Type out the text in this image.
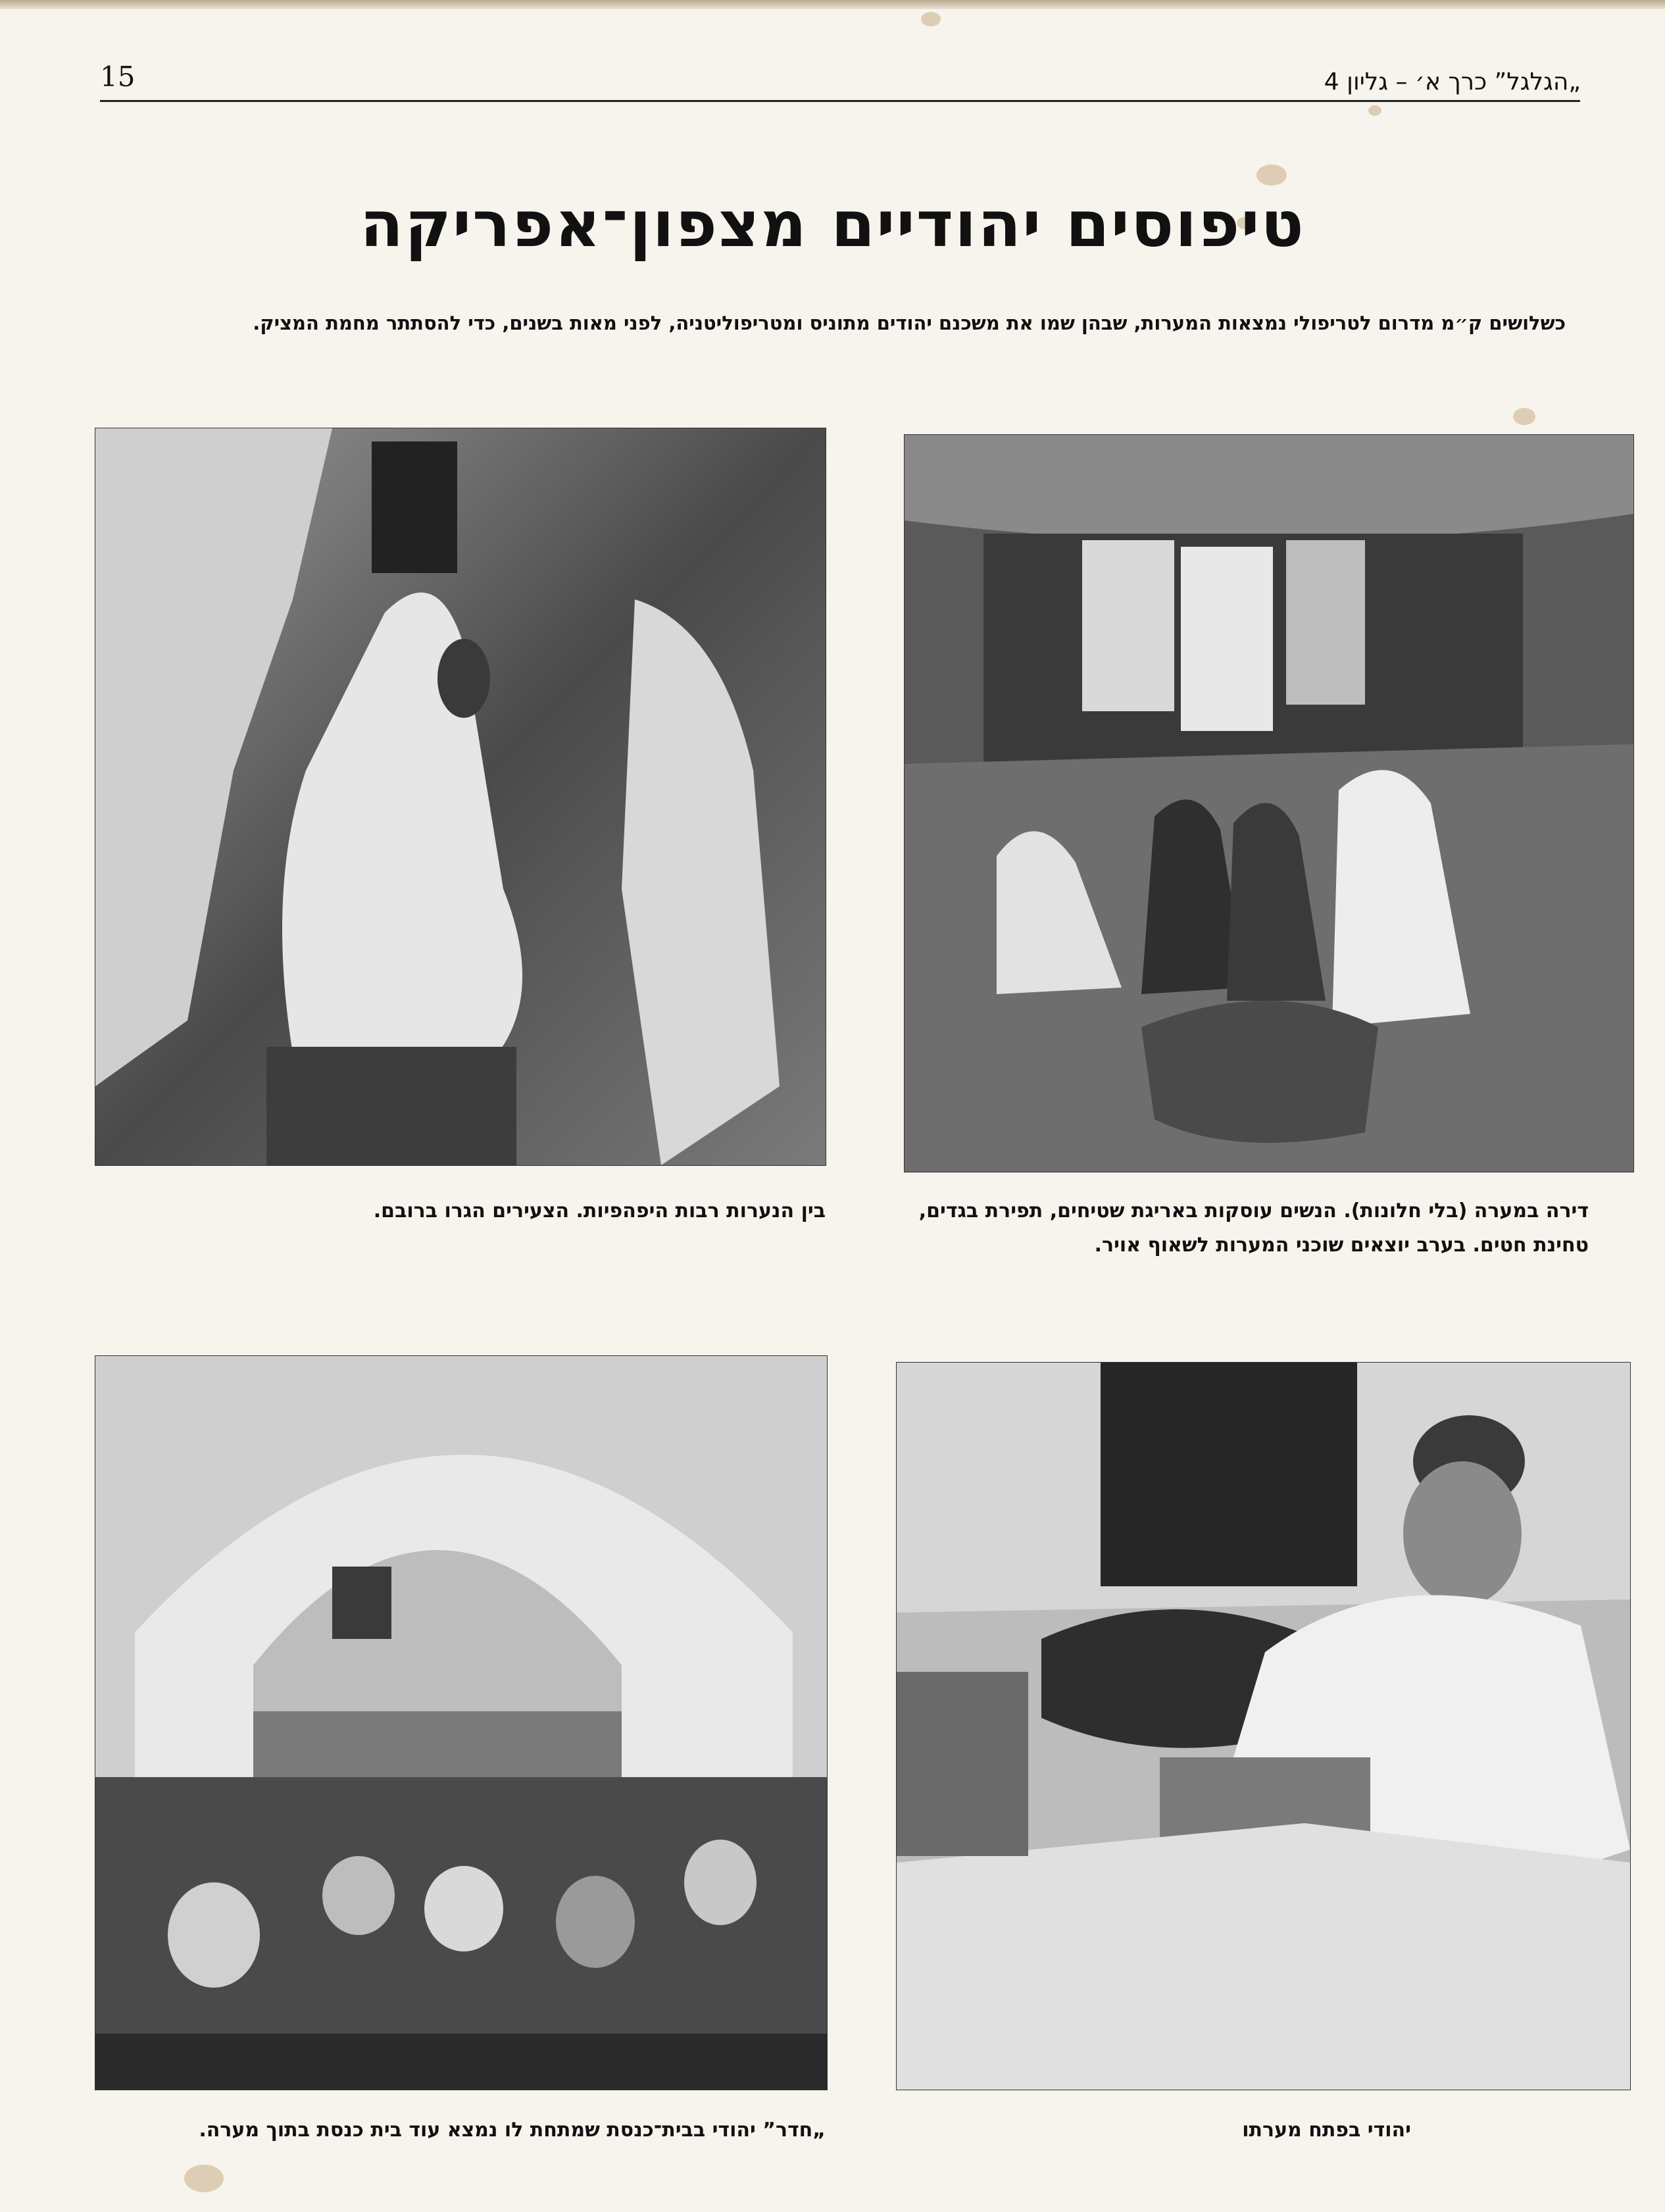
15	„הגלגל” כרך א׳ – גליון 4
טיפוסים יהודיים מצפון־אפריקה
כשלושים ק״מ מדרום לטריפולי נמצאות המערות, שבהן שמו את משכנם יהודים מתוניס ומטריפוליטניה, לפני מאות בשנים, כדי להסתתר מחמת המציק.
בין הנערות רבות היפהפיות. הצעירים הגרו ברובם.	דירה במערה (בלי חלונות). הנשים עוסקות באריגת שטיחים, תפירת בגדים,
טחינת חטים. בערב יוצאים שוכני המערות לשאוף אויר.
„חדר” יהודי בבית־כנסת שמתחת לו נמצא עוד בית כנסת בתוך מערה.	יהודי בפתח מערתו
